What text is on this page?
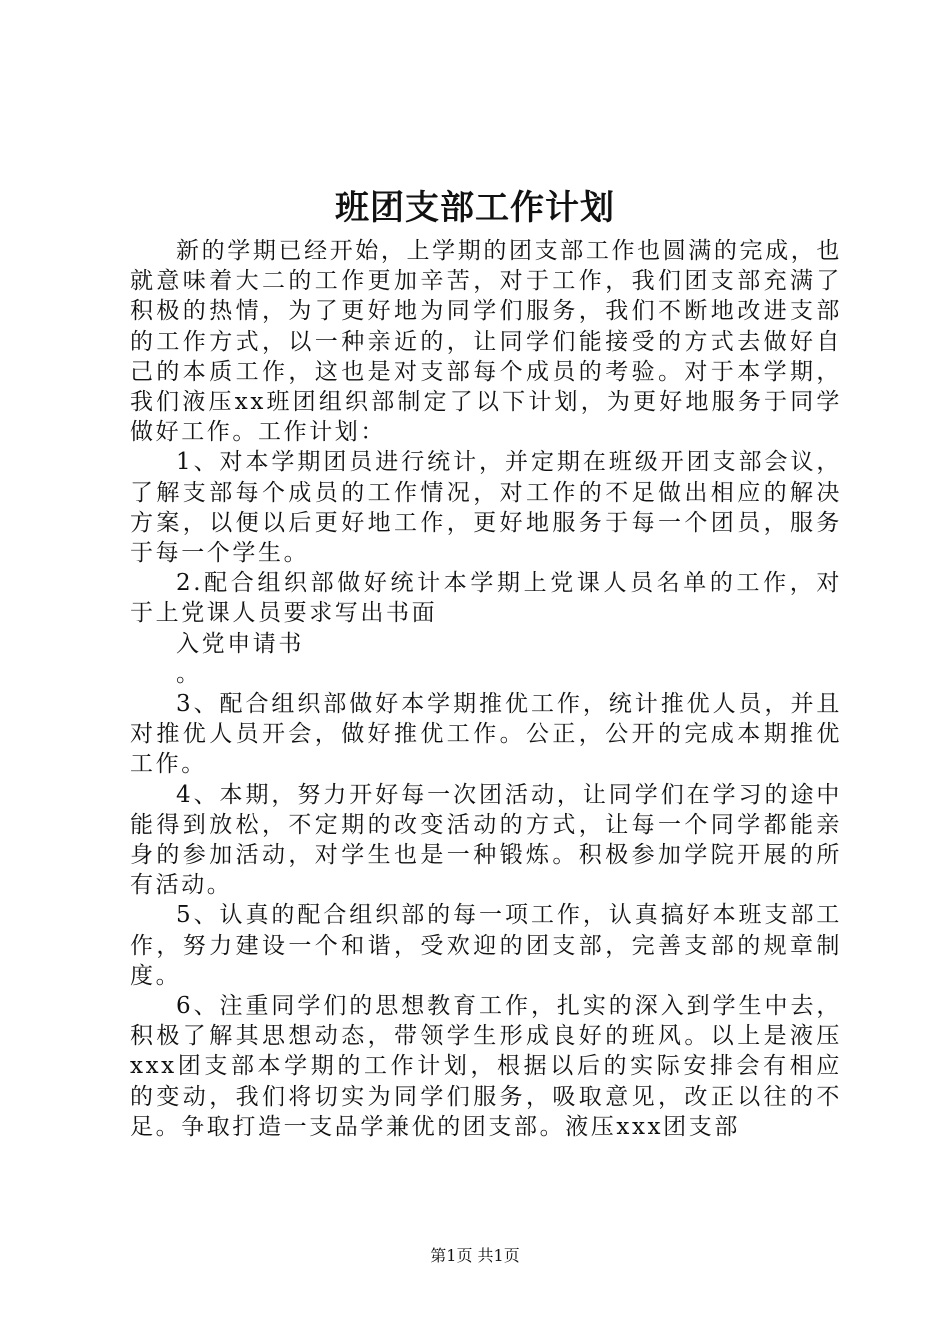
班团支部工作计划

新的学期已经开始，上学期的团支部工作也圆满的完成，也就意味着大二的工作更加辛苦，对于工作，我们团支部充满了积极的热情，为了更好地为同学们服务，我们不断地改进支部的工作方式，以一种亲近的，让同学们能接受的方式去做好自己的本质工作，这也是对支部每个成员的考验。对于本学期，我们液压xx班团组织部制定了以下计划，为更好地服务于同学做好工作。工作计划：

1、对本学期团员进行统计，并定期在班级开团支部会议，了解支部每个成员的工作情况，对工作的不足做出相应的解决方案，以便以后更好地工作，更好地服务于每一个团员，服务于每一个学生。

2.配合组织部做好统计本学期上党课人员名单的工作，对于上党课人员要求写出书面

入党申请书

。

3、配合组织部做好本学期推优工作，统计推优人员，并且对推优人员开会，做好推优工作。公正，公开的完成本期推优工作。

4、本期，努力开好每一次团活动，让同学们在学习的途中能得到放松，不定期的改变活动的方式，让每一个同学都能亲身的参加活动，对学生也是一种锻炼。积极参加学院开展的所有活动。

5、认真的配合组织部的每一项工作，认真搞好本班支部工作，努力建设一个和谐，受欢迎的团支部，完善支部的规章制度。

6、注重同学们的思想教育工作，扎实的深入到学生中去，积极了解其思想动态，带领学生形成良好的班风。以上是液压xxx团支部本学期的工作计划，根据以后的实际安排会有相应的变动，我们将切实为同学们服务，吸取意见，改正以往的不足。争取打造一支品学兼优的团支部。液压xxx团支部

第1页 共1页
